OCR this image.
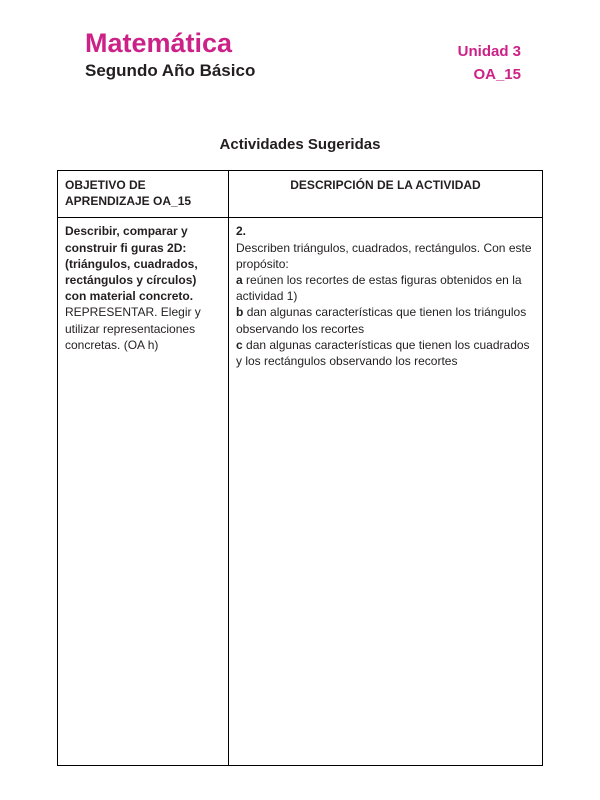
Matemática
Segundo Año Básico
Unidad 3
OA_15
Actividades Sugeridas
OBJETIVO DE APRENDIZAJE OA_15
DESCRIPCIÓN DE LA ACTIVIDAD

Describir, comparar y construir fi guras 2D: (triángulos, cuadrados, rectángulos y círculos) con material concreto.

REPRESENTAR. Elegir y utilizar representaciones concretas. (OA h)

2.

Describen triángulos, cuadrados, rectángulos. Con este propósito:

a reúnen los recortes de estas figuras obtenidos en la actividad 1)

b dan algunas características que tienen los triángulos observando los recortes

c dan algunas características que tienen los cuadrados y los rectángulos observando los recortes
